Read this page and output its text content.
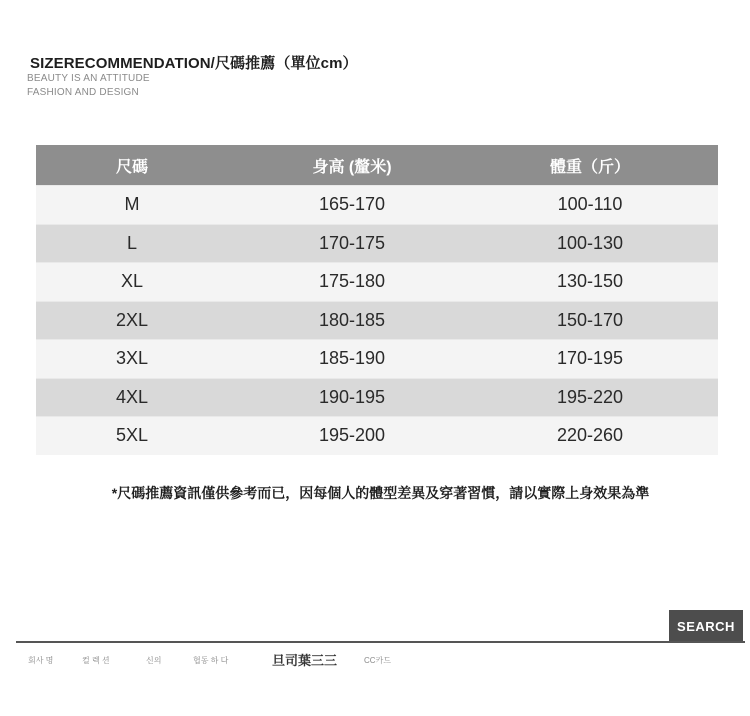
SIZERECOMMENDATION/尺碼推薦（單位cm）
BEAUTY IS AN ATTITUDE
FASHION AND DESIGN
尺碼	身高 (釐米)	體重（斤）
M	165-170	100-110
L	170-175	100-130
XL	175-180	130-150
2XL	180-185	150-170
3XL	185-190	170-195
4XL	190-195	195-220
5XL	195-200	220-260
*尺碼推薦資訊僅供參考而已，因每個人的體型差異及穿著習慣，請以實際上身效果為準
SEARCH
회사 명	컬 렉 션	신의	협동 하 다	旦司葉三三	CC카드
